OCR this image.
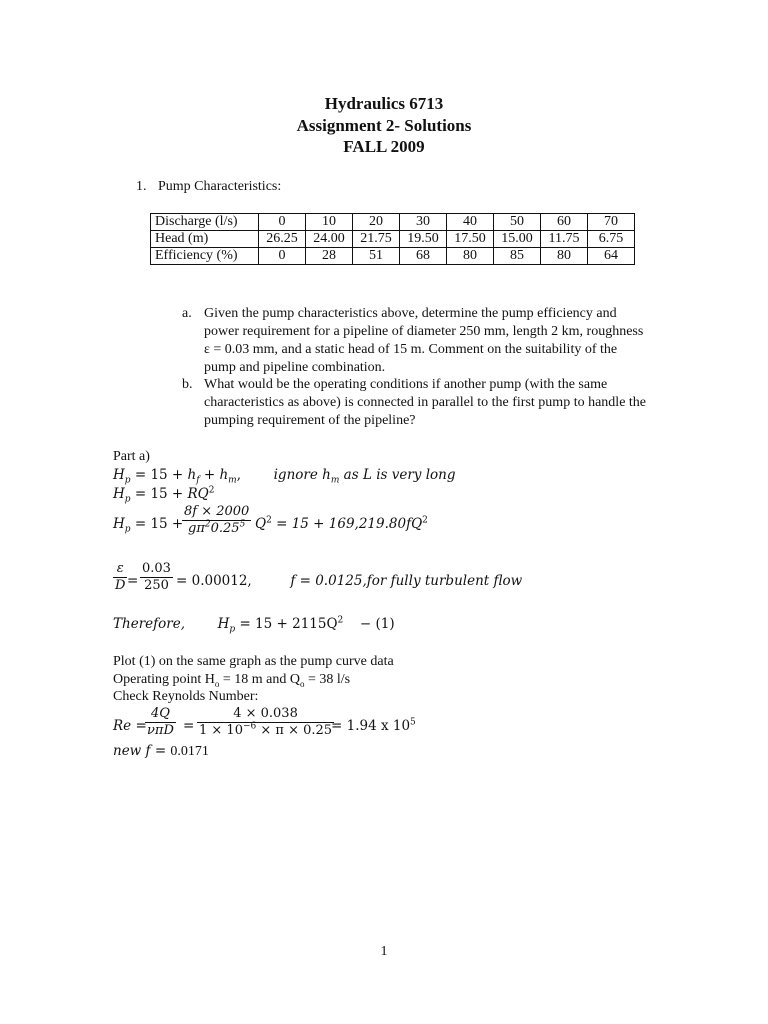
Hydraulics 6713
Assignment 2- Solutions
FALL 2009
1. Pump Characteristics:
Discharge (l/s)	0	10	20	30	40	50	60	70
Head (m)	26.25	24.00	21.75	19.50	17.50	15.00	11.75	6.75
Efficiency (%)	0	28	51	68	80	85	80	64
a. Given the pump characteristics above, determine the pump efficiency and power requirement for a pipeline of diameter 250 mm, length 2 km, roughness ε = 0.03 mm, and a static head of 15 m. Comment on the suitability of the pump and pipeline combination.
b. What would be the operating conditions if another pump (with the same characteristics as above) is connected in parallel to the first pump to handle the pumping requirement of the pipeline?
Part a)
$H_p = 15 + h_f + h_m$,  ignore $h_m$ as L is very long
$H_p = 15 + RQ^2$
$H_p = 15$ +
$\frac{8f \times 2000}{g\pi^20.25^5} Q^2 = 15 + 169,219.80fQ^2$
$\frac{\varepsilon}{D} = \frac{0.03}{250} = 0.00012$,	f = 0.0125,for fully turbulent flow
Therefore, $H_p = 15 + 2115Q^2 - (1)$
Plot (1) on the same graph as the pump curve data
Operating point $H_o = 18$ m and $Q_o = 38$ l/s
Check Reynolds Number:
Re =
4Q
$\nu\pi D = \frac{4 \times 0.038}{1 \times 10^{-6} \times \pi \times 0.25}$
= 1.94 x $10^5$
new f = 0.0171
1
